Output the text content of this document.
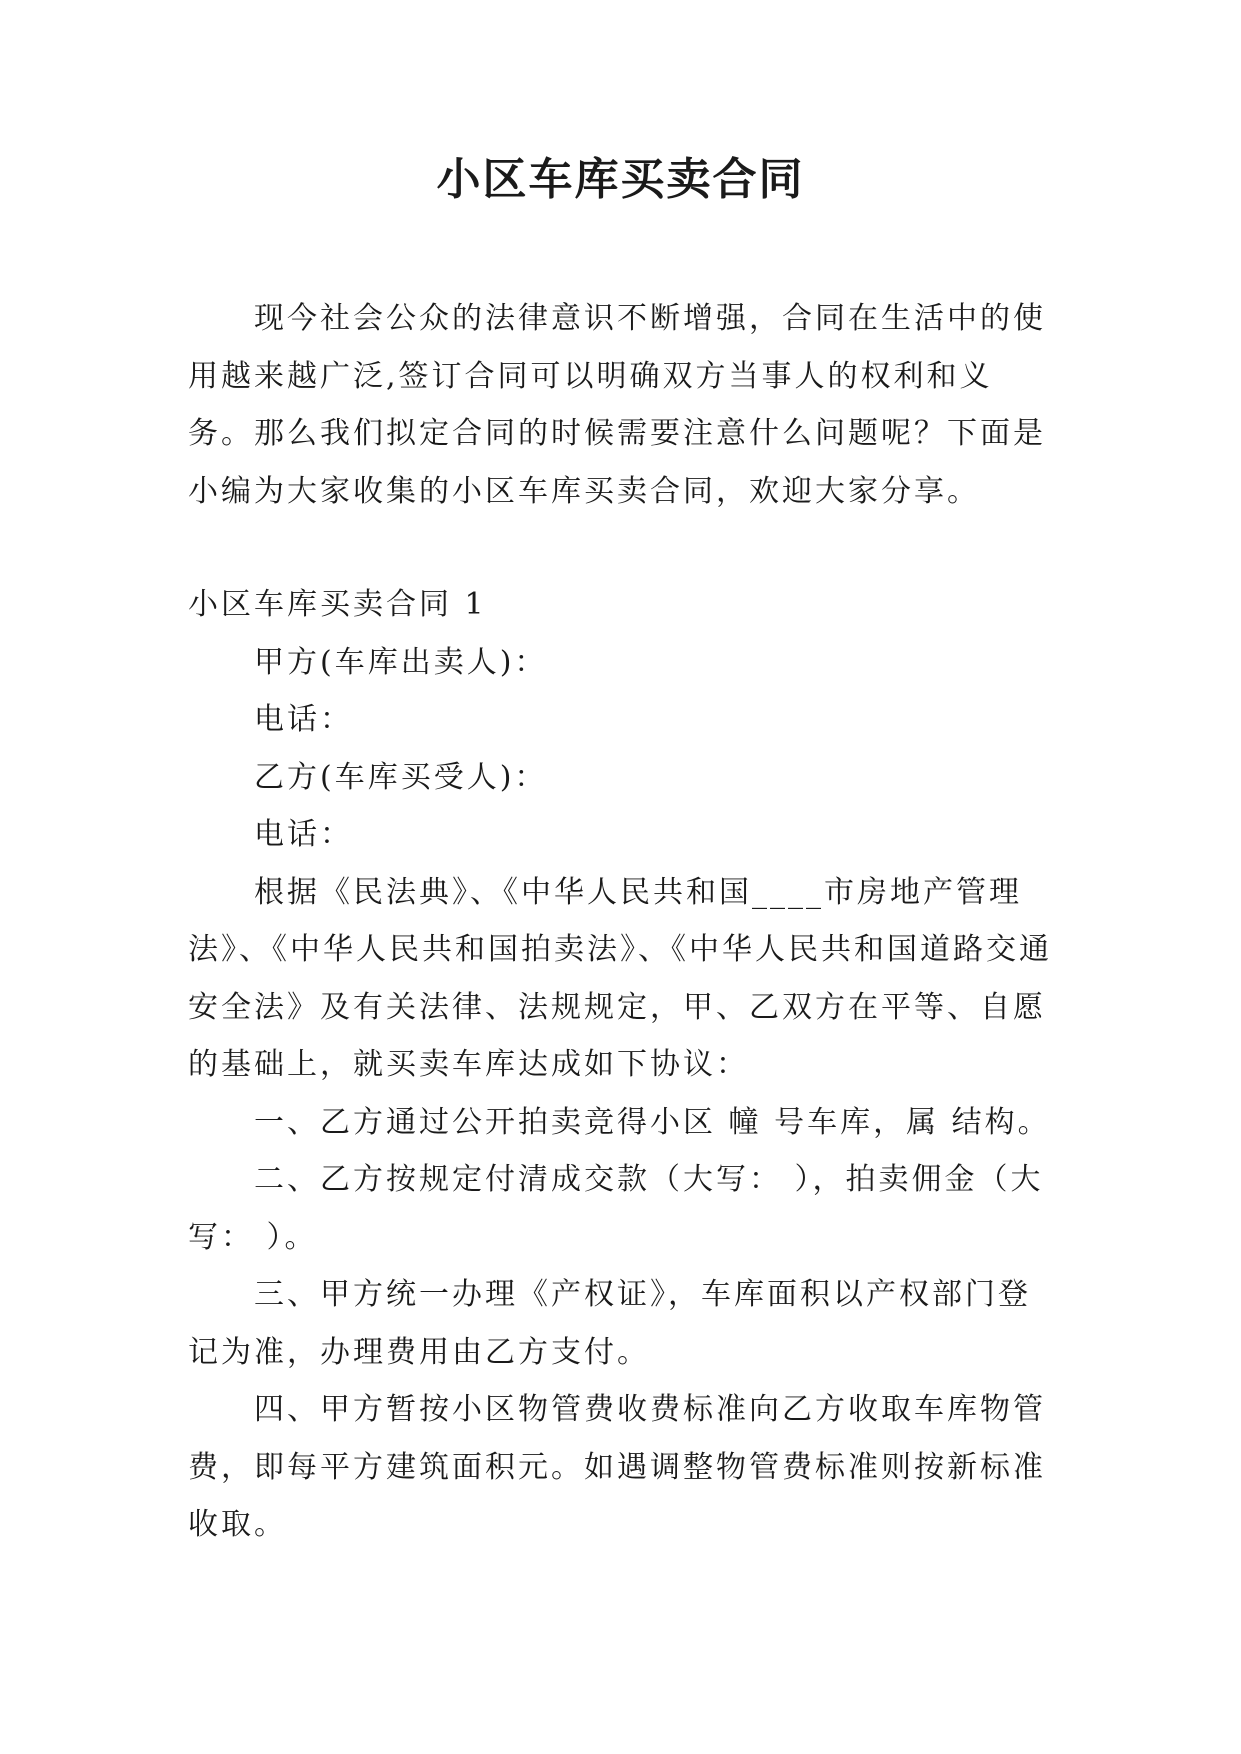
小区车库买卖合同

现今社会公众的法律意识不断增强，合同在生活中的使用越来越广泛,签订合同可以明确双方当事人的权利和义务。那么我们拟定合同的时候需要注意什么问题呢？下面是小编为大家收集的小区车库买卖合同，欢迎大家分享。

小区车库买卖合同 1

甲方(车库出卖人)：

电话：

乙方(车库买受人)：

电话：

根据《民法典》、《中华人民共和国____市房地产管理法》、《中华人民共和国拍卖法》、《中华人民共和国道路交通安全法》及有关法律、法规规定，甲、乙双方在平等、自愿的基础上，就买卖车库达成如下协议：

一、乙方通过公开拍卖竞得小区 幢 号车库，属 结构。

二、乙方按规定付清成交款（大写： ），拍卖佣金（大写： ）。

三、甲方统一办理《产权证》，车库面积以产权部门登记为准，办理费用由乙方支付。

四、甲方暂按小区物管费收费标准向乙方收取车库物管费，即每平方建筑面积元。如遇调整物管费标准则按新标准收取。
